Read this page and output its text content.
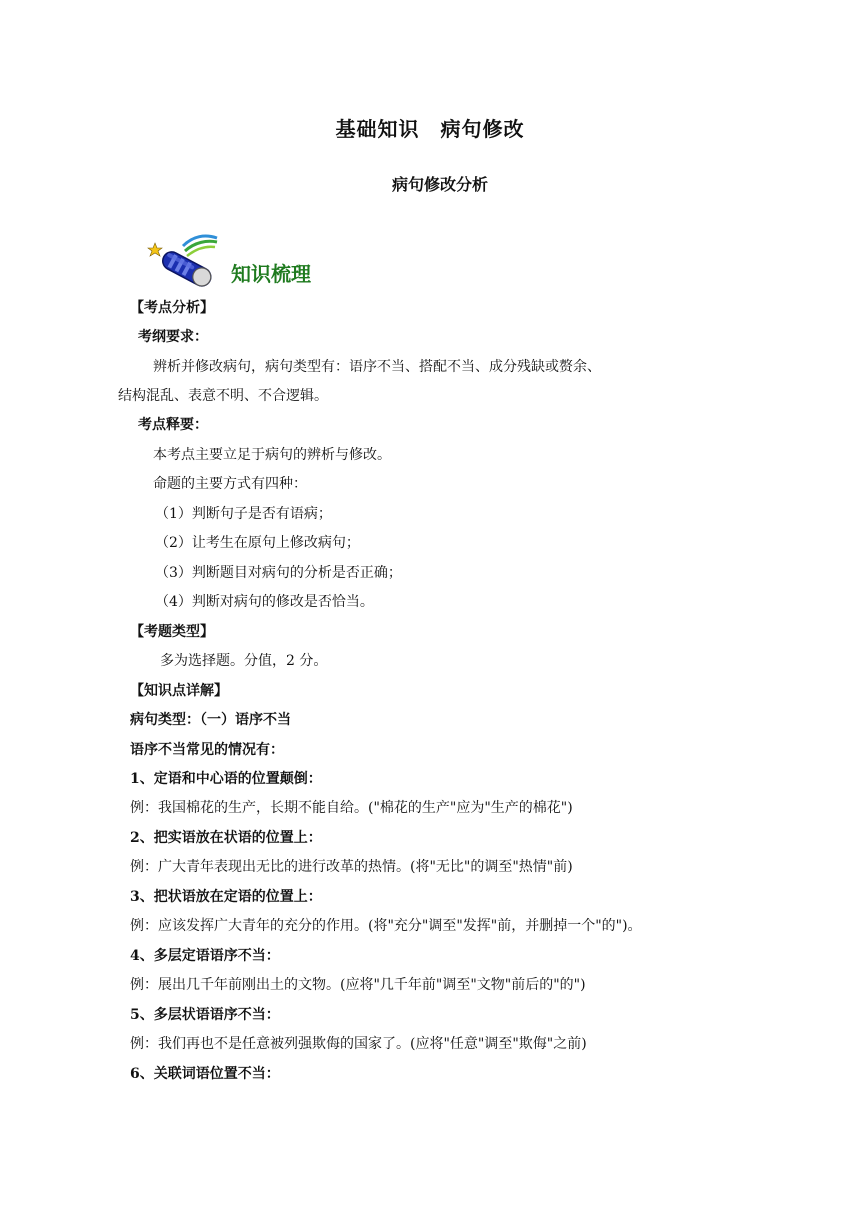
基础知识　病句修改
病句修改分析
知识梳理
【考点分析】
考纲要求：
辨析并修改病句，病句类型有：语序不当、搭配不当、成分残缺或赘余、
结构混乱、表意不明、不合逻辑。
考点释要：
本考点主要立足于病句的辨析与修改。
命题的主要方式有四种：
（1）判断句子是否有语病；
（2）让考生在原句上修改病句；
（3）判断题目对病句的分析是否正确；
（4）判断对病句的修改是否恰当。
【考题类型】
多为选择题。分值，2 分。
【知识点详解】
病句类型：（一）语序不当
语序不当常见的情况有：
1、定语和中心语的位置颠倒：
例：我国棉花的生产，长期不能自给。("棉花的生产"应为"生产的棉花")
2、把实语放在状语的位置上：
例：广大青年表现出无比的进行改革的热情。(将"无比"的调至"热情"前)
3、把状语放在定语的位置上：
例：应该发挥广大青年的充分的作用。(将"充分"调至"发挥"前，并删掉一个"的")。
4、多层定语语序不当：
例：展出几千年前刚出土的文物。(应将"几千年前"调至"文物"前后的"的")
5、多层状语语序不当：
例：我们再也不是任意被列强欺侮的国家了。(应将"任意"调至"欺侮"之前)
6、关联词语位置不当：
